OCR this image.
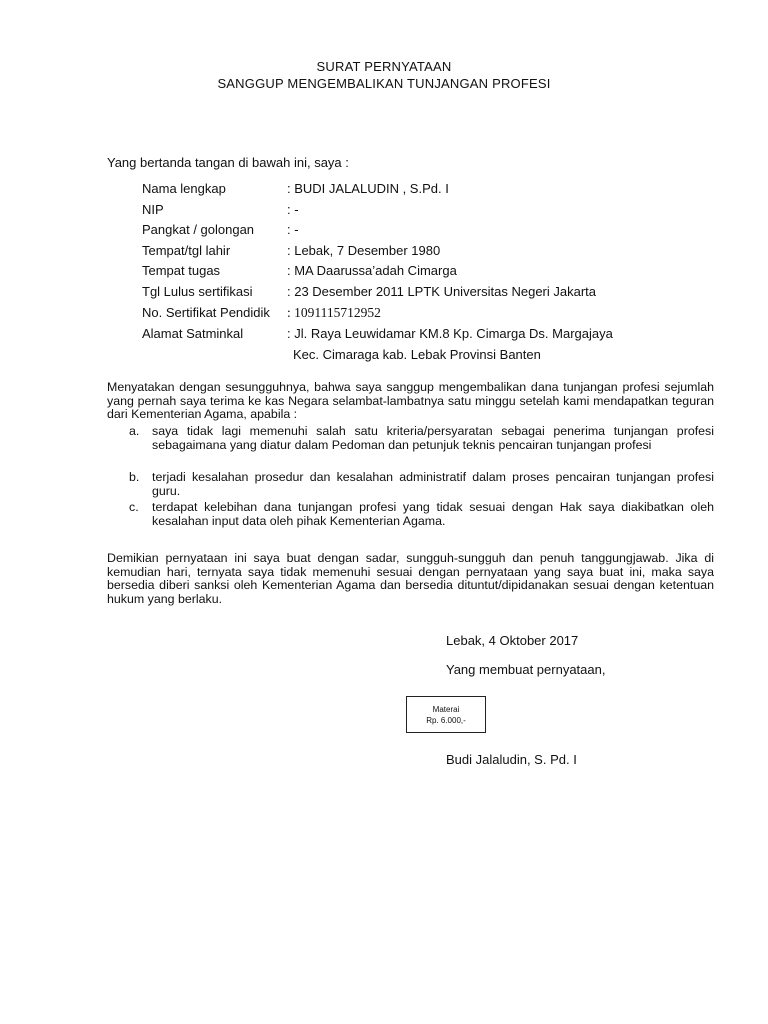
SURAT PERNYATAAN
SANGGUP MENGEMBALIKAN TUNJANGAN PROFESI
Yang bertanda tangan di bawah ini, saya :
Nama lengkap	: BUDI JALALUDIN , S.Pd. I
NIP	: -
Pangkat / golongan	: -
Tempat/tgl lahir	: Lebak, 7 Desember 1980
Tempat tugas	: MA Daarussa’adah Cimarga
Tgl Lulus sertifikasi	: 23 Desember 2011 LPTK Universitas Negeri Jakarta
No. Sertifikat Pendidik : 1091115712952
Alamat Satminkal	: Jl. Raya Leuwidamar KM.8 Kp. Cimarga Ds. Margajaya
Kec. Cimaraga kab. Lebak Provinsi Banten
Menyatakan dengan sesungguhnya, bahwa saya sanggup mengembalikan dana tunjangan profesi sejumlah yang pernah saya terima ke kas Negara selambat-lambatnya satu minggu setelah kami mendapatkan teguran dari Kementerian Agama, apabila :
a. saya tidak lagi memenuhi salah satu kriteria/persyaratan sebagai penerima tunjangan profesi sebagaimana yang diatur dalam Pedoman dan petunjuk teknis pencairan tunjangan profesi
b. terjadi kesalahan prosedur dan kesalahan administratif dalam proses pencairan tunjangan profesi guru.
c. terdapat kelebihan dana tunjangan profesi yang tidak sesuai dengan Hak saya diakibatkan oleh kesalahan input data oleh pihak Kementerian Agama.
Demikian pernyataan ini saya buat dengan sadar, sungguh-sungguh dan penuh tanggungjawab. Jika di kemudian hari, ternyata saya tidak memenuhi sesuai dengan pernyataan yang saya buat ini, maka saya bersedia diberi sanksi oleh Kementerian Agama dan bersedia dituntut/dipidanakan sesuai dengan ketentuan hukum yang berlaku.
Lebak, 4 Oktober 2017
Yang membuat pernyataan,
Materai
Rp. 6.000,-
Budi Jalaludin, S. Pd. I
